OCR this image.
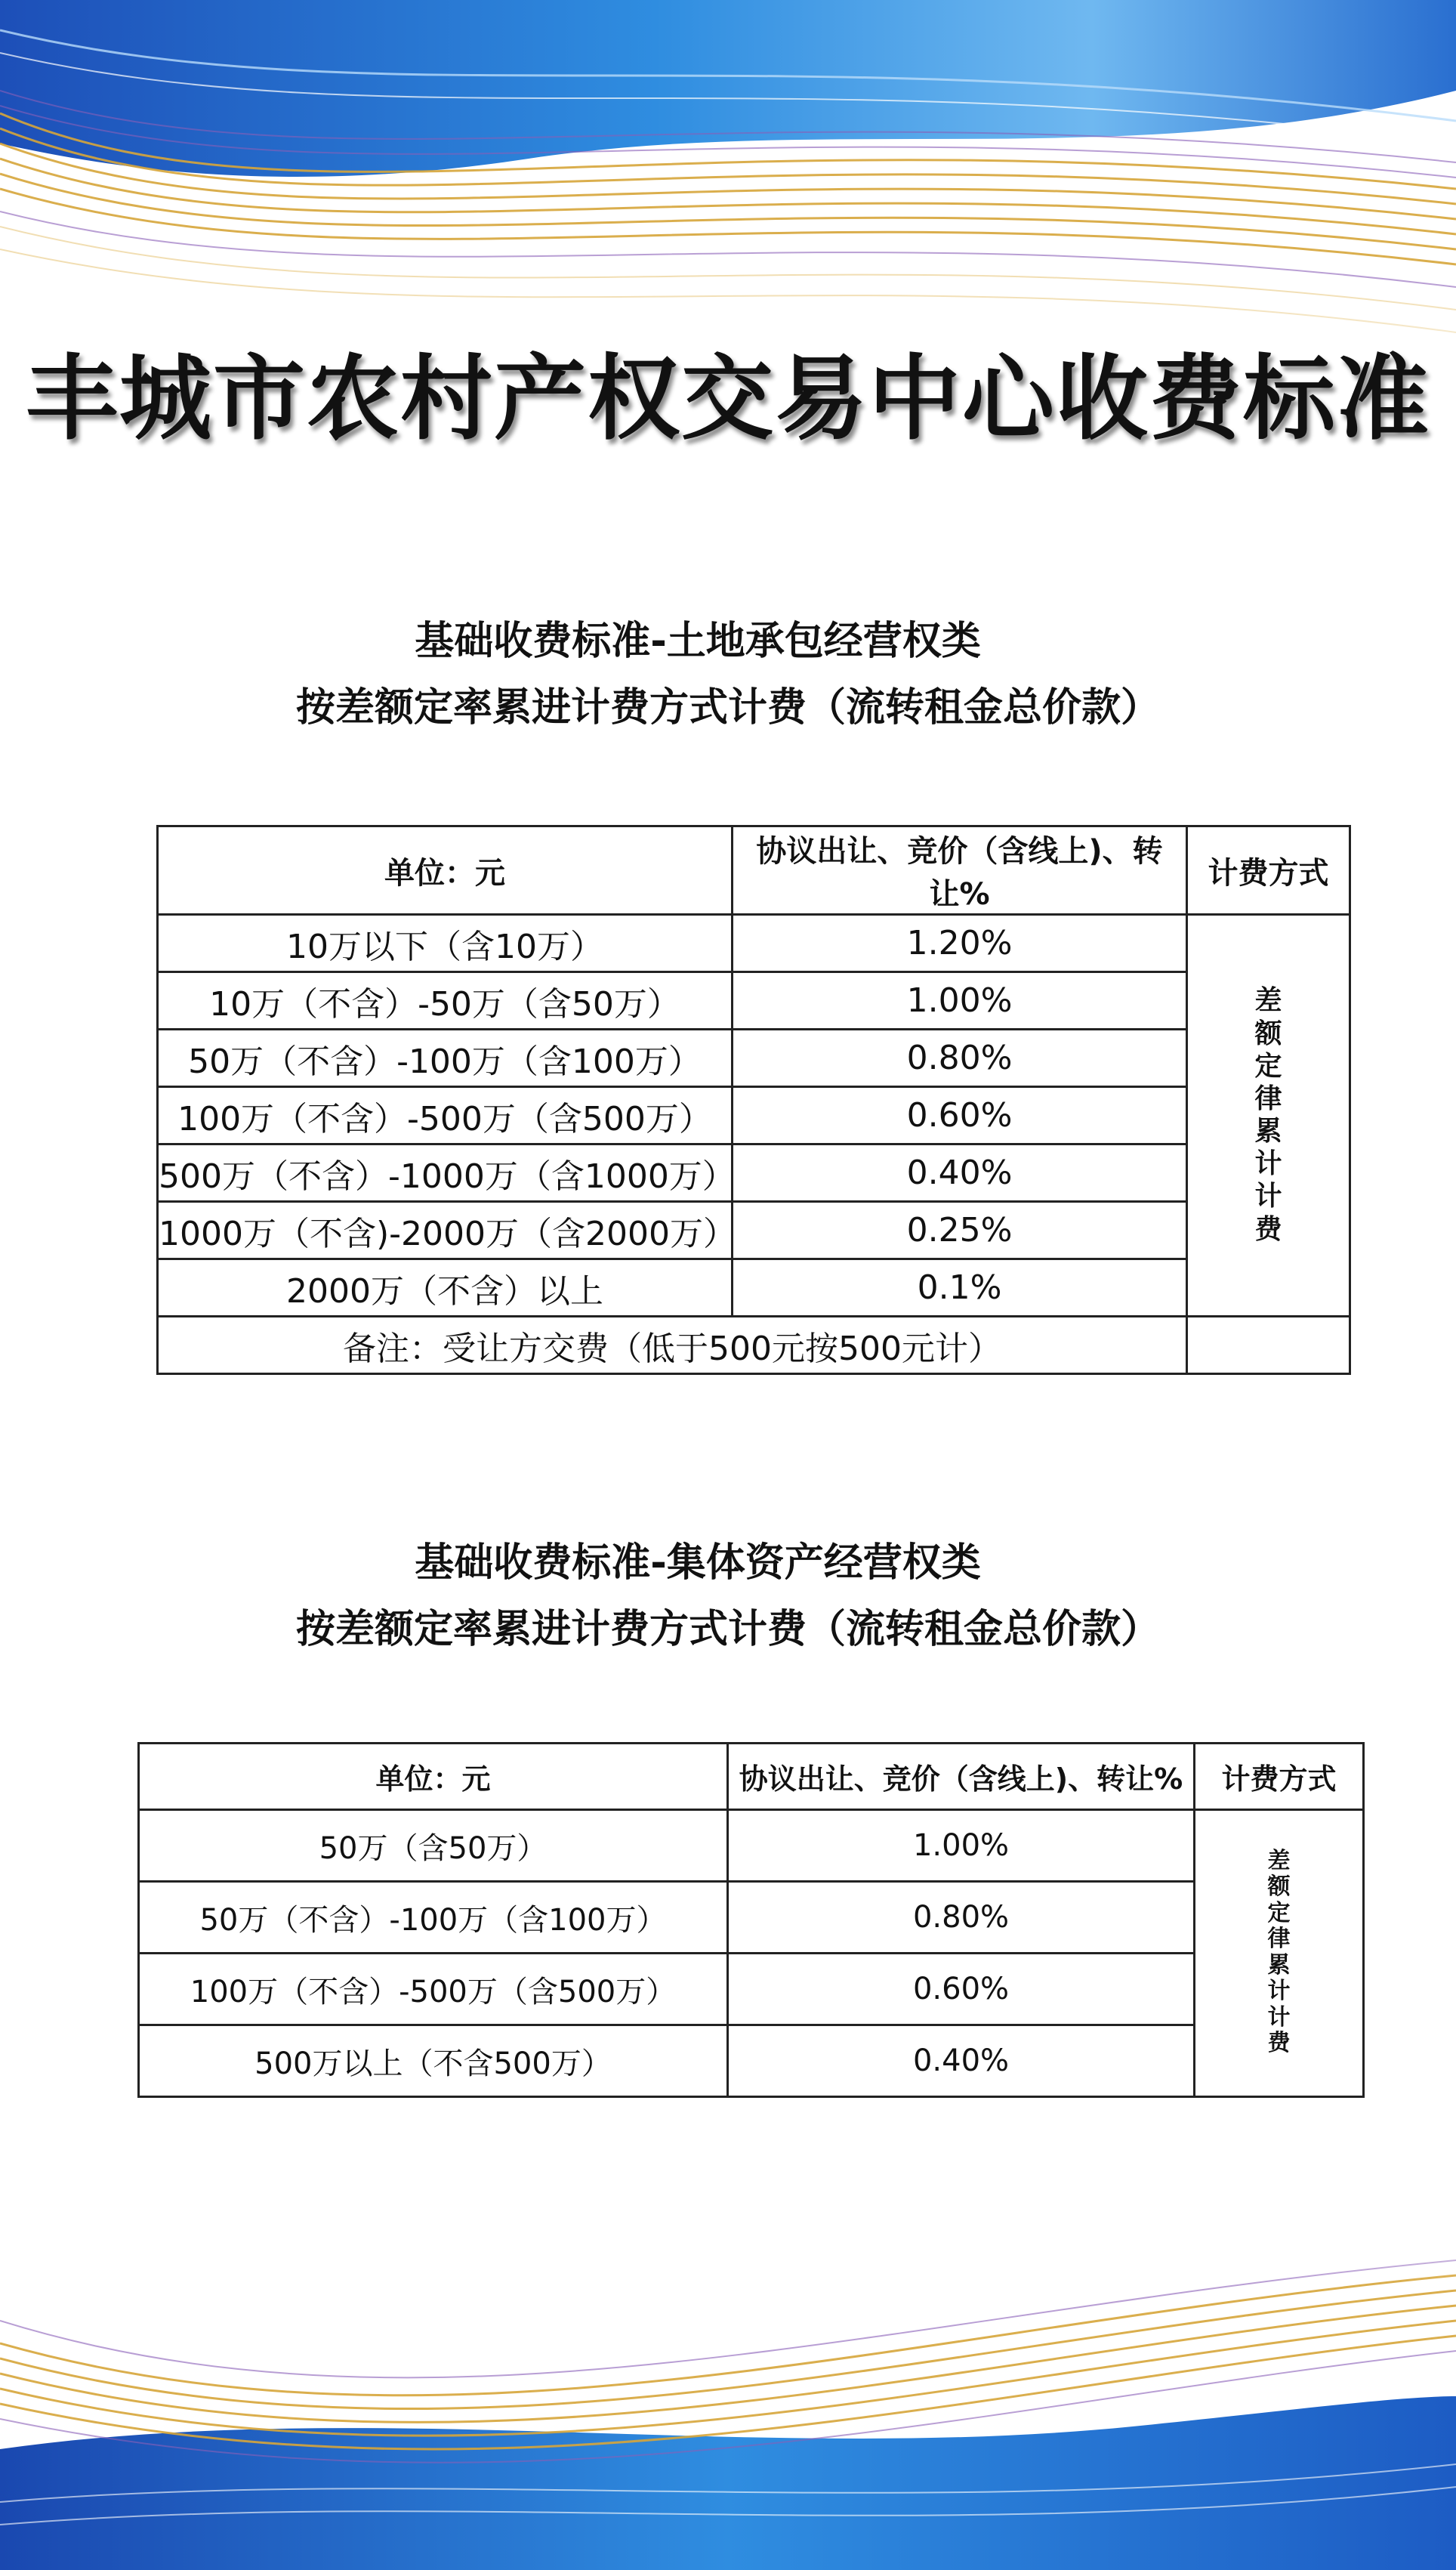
丰城市农村产权交易中心收费标准
基础收费标准-土地承包经营权类
按差额定率累进计费方式计费（流转租金总价款）
单位：元	协议出让、竞价（含线上)、转让%	计费方式
10万以下（含10万）	1.20%	差额定律累计计费
10万（不含）-50万（含50万）	1.00%	
50万（不含）-100万（含100万）	0.80%	
100万（不含）-500万（含500万）	0.60%	
500万（不含）-1000万（含1000万）	0.40%	
1000万（不含)-2000万（含2000万）	0.25%	
2000万（不含）以上	0.1%	
备注：受让方交费（低于500元按500元计）		
基础收费标准-集体资产经营权类
按差额定率累进计费方式计费（流转租金总价款）
单位：元	协议出让、竞价（含线上)、转让%	计费方式
50万（含50万）	1.00%	差额定律累计计费
50万（不含）-100万（含100万）	0.80%	
100万（不含）-500万（含500万）	0.60%	
500万以上（不含500万）	0.40%	
